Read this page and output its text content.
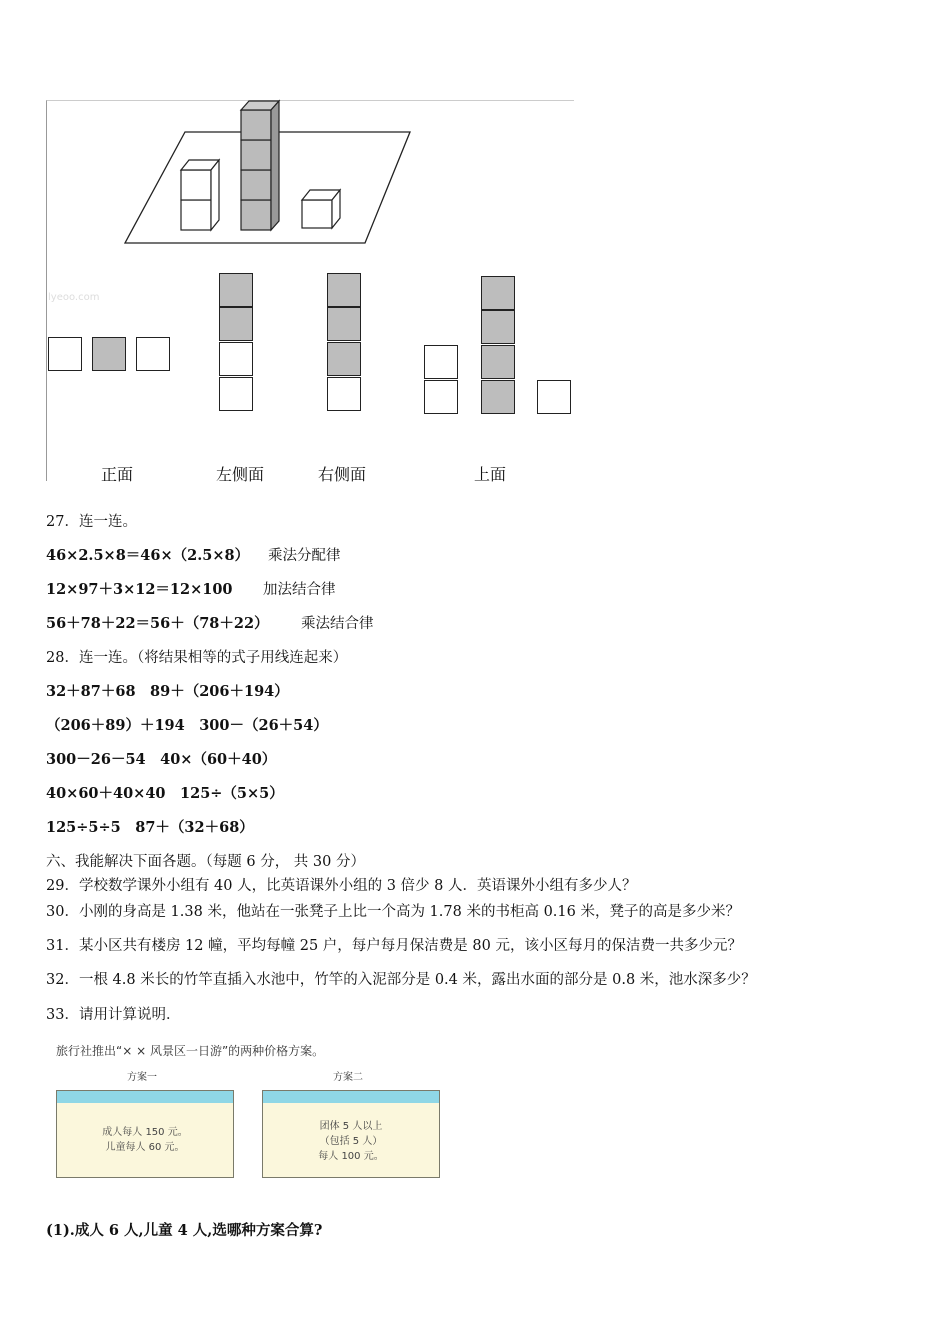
lyeoo.com
正面	左侧面	右侧面	上面
27．连一连。
46×2.5×8＝46×（2.5×8） 乘法分配律
12×97＋3×12＝12×100 加法结合律
56＋78＋22＝56＋（78＋22） 乘法结合律
28．连一连。（将结果相等的式子用线连起来）
32＋87＋68　89＋（206＋194）
（206＋89）＋194　300－（26＋54）
300－26－54　40×（60＋40）
40×60＋40×40　125÷（5×5）
125÷5÷5　87＋（32＋68）
六、我能解决下面各题。（每题 6 分， 共 30 分）
29．学校数学课外小组有 40 人，比英语课外小组的 3 倍少 8 人．英语课外小组有多少人？
30．小刚的身高是 1.38 米，他站在一张凳子上比一个高为 1.78 米的书柜高 0.16 米，凳子的高是多少米？
31．某小区共有楼房 12 幢，平均每幢 25 户，每户每月保洁费是 80 元，该小区每月的保洁费一共多少元？
32．一根 4.8 米长的竹竿直插入水池中，竹竿的入泥部分是 0.4 米，露出水面的部分是 0.8 米，池水深多少？
33．请用计算说明．
旅行社推出“× × 风景区一日游”的两种价格方案。
方案一
成人每人 150 元。
儿童每人 60 元。
方案二
团体 5 人以上
（包括 5 人）
每人 100 元。
(1).成人 6 人,儿童 4 人,选哪种方案合算?
